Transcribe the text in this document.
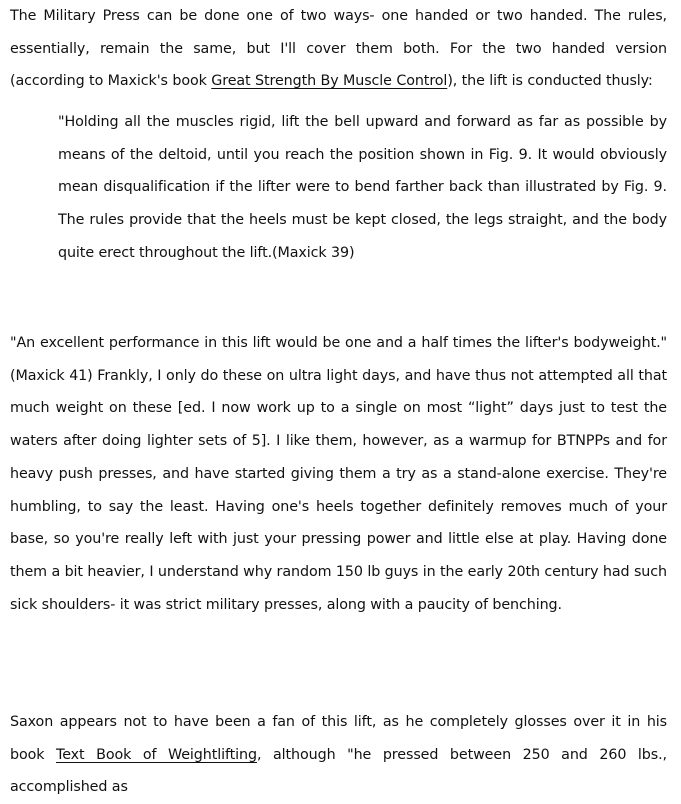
The Military Press can be done one of two ways- one handed or two handed. The rules, essentially, remain the same, but I'll cover them both. For the two handed version (according to Maxick's book Great Strength By Muscle Control), the lift is conducted thusly:

"Holding all the muscles rigid, lift the bell upward and forward as far as possible by means of the deltoid, until you reach the position shown in Fig. 9. It would obviously mean disqualification if the lifter were to bend farther back than illustrated by Fig. 9. The rules provide that the heels must be kept closed, the legs straight, and the body quite erect throughout the lift.(Maxick 39)

"An excellent performance in this lift would be one and a half times the lifter's bodyweight."(Maxick 41) Frankly, I only do these on ultra light days, and have thus not attempted all that much weight on these [ed. I now work up to a single on most “light” days just to test the waters after doing lighter sets of 5]. I like them, however, as a warmup for BTNPPs and for heavy push presses, and have started giving them a try as a stand-alone exercise. They're humbling, to say the least. Having one's heels together definitely removes much of your base, so you're really left with just your pressing power and little else at play. Having done them a bit heavier, I understand why random 150 lb guys in the early 20th century had such sick shoulders- it was strict military presses, along with a paucity of benching.

Saxon appears not to have been a fan of this lift, as he completely glosses over it in his book Text Book of Weightlifting, although "he pressed between 250 and 260 lbs., accomplished as
